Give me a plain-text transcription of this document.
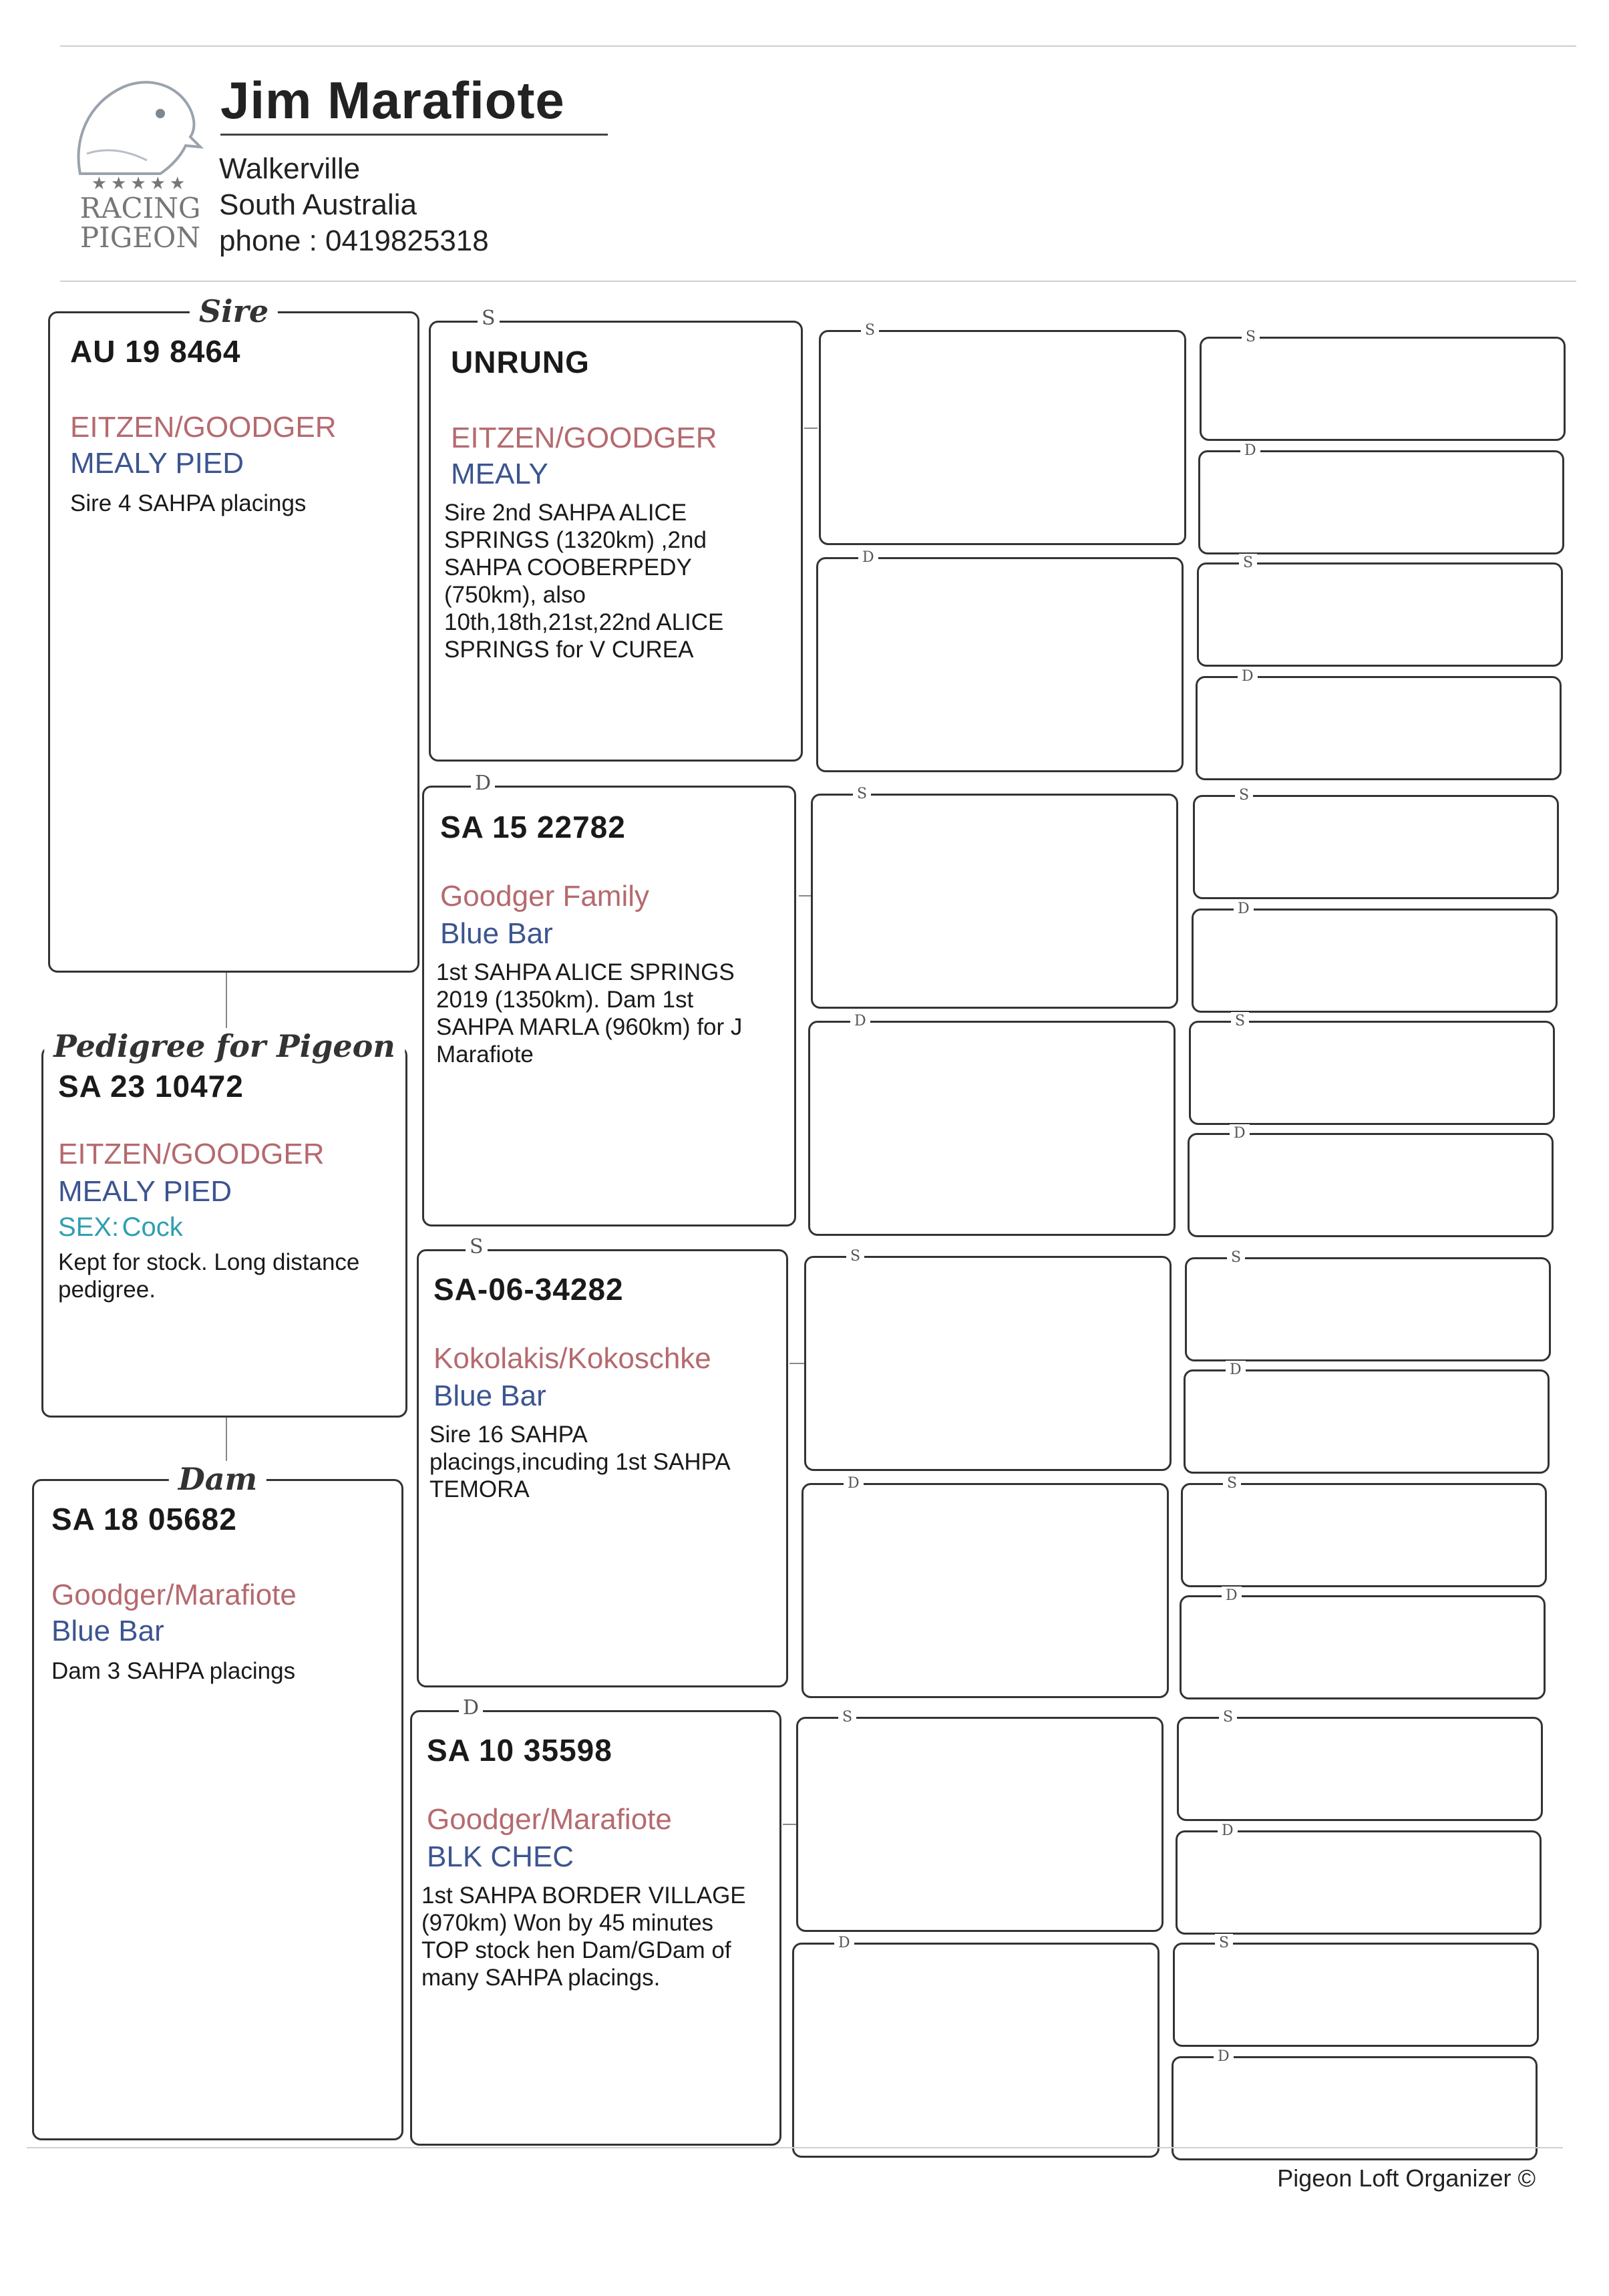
★★★★★
RACING
PIGEON
Jim Marafiote
Walkerville
South Australia
phone : 0419825318
Sire
AU 19 8464
EITZEN/GOODGER
MEALY PIED
Sire 4 SAHPA placings
Pedigree for Pigeon
SA 23 10472
EITZEN/GOODGER
MEALY PIED
SEX: Cock
Kept for stock. Long distance pedigree.
Dam
SA 18 05682
Goodger/Marafiote
Blue Bar
Dam 3 SAHPA placings
S
UNRUNG
EITZEN/GOODGER
MEALY
Sire 2nd SAHPA ALICE SPRINGS (1320km) ,2nd SAHPA COOBERPEDY (750km), also 10th,18th,21st,22nd ALICE SPRINGS for V CUREA
D
SA 15 22782
Goodger Family
Blue Bar
1st SAHPA ALICE SPRINGS 2019 (1350km). Dam 1st SAHPA MARLA (960km) for J Marafiote
S
SA-06-34282
Kokolakis/Kokoschke
Blue Bar
Sire 16 SAHPA placings,incuding 1st SAHPA TEMORA
D
SA 10 35598
Goodger/Marafiote
BLK CHEC
1st SAHPA BORDER VILLAGE (970km) Won by 45 minutes TOP stock hen Dam/GDam of many SAHPA placings.
S
D
S
D
S
D
S
D
S
D
S
D
S
D
S
D
S
D
S
D
S
D
S
D
Pigeon Loft Organizer ©
